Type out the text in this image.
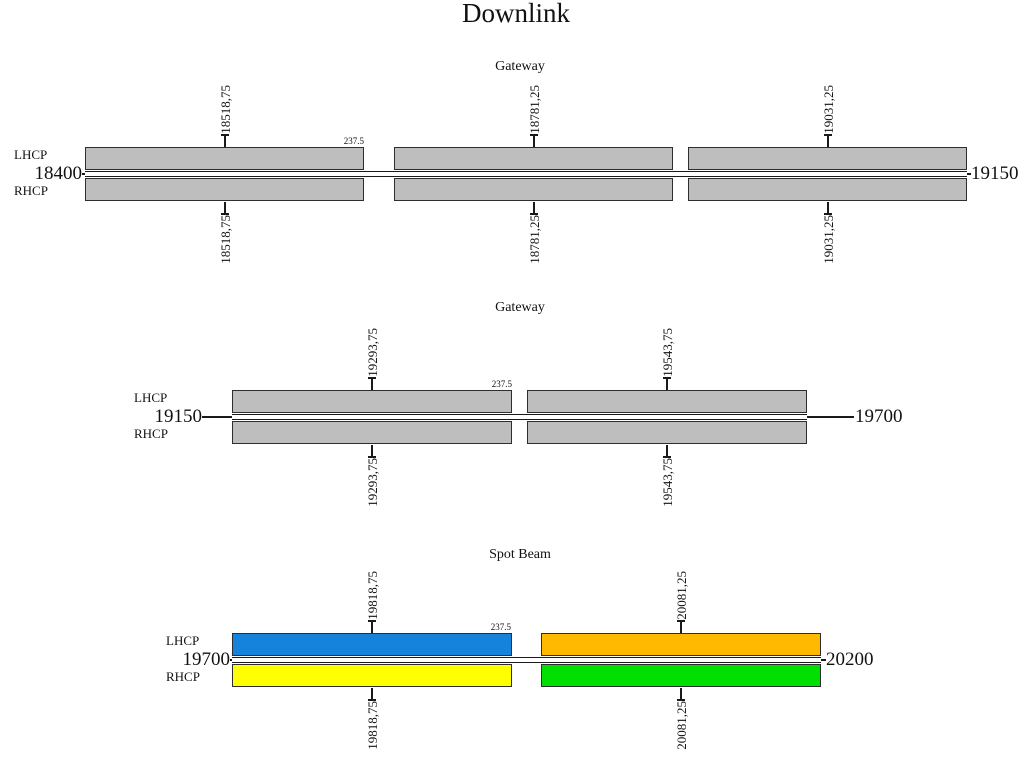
Downlink
Gateway
18518,75	18781,25	19031,25
237.5
LHCP
18400
RHCP
19150
18518,75	18781,25	19031,25
Gateway
19293,75	19543,75
237.5
LHCP
19150
RHCP
19700
19293,75	19543,75
Spot Beam
19818,75	20081,25
237.5
LHCP
19700
RHCP
20200
19818,75	20081,25
